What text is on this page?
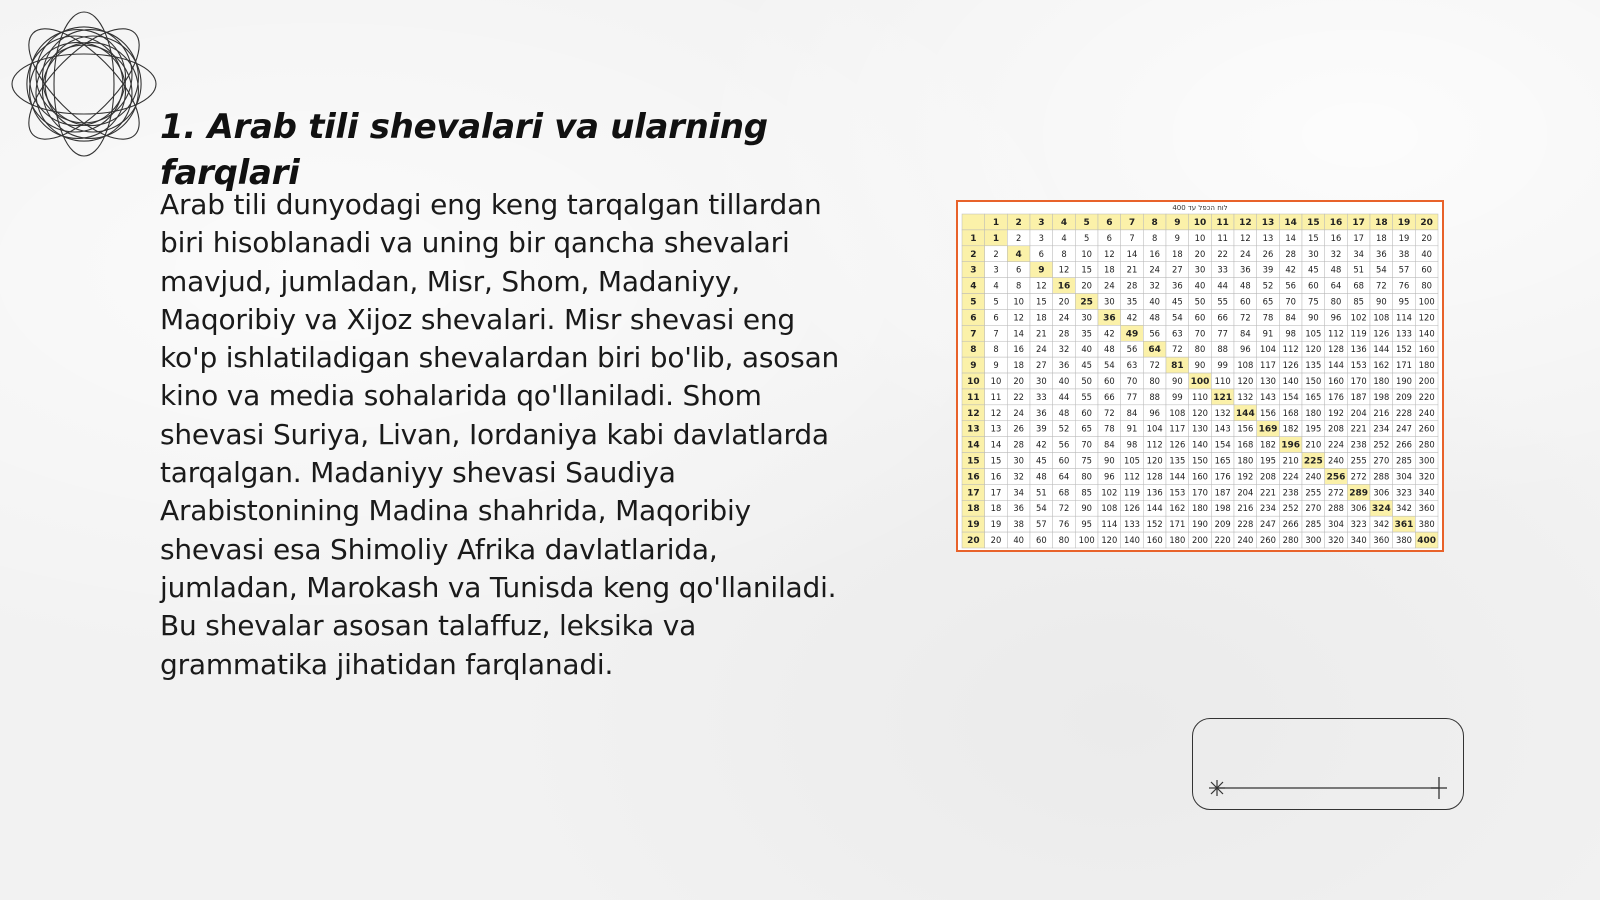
1. Arab tili shevalari va ularning farqlari

Arab tili dunyodagi eng keng tarqalgan tillardan biri hisoblanadi va uning bir qancha shevalari mavjud, jumladan, Misr, Shom, Madaniyy, Maqoribiy va Xijoz shevalari. Misr shevasi eng ko'p ishlatiladigan shevalardan biri bo'lib, asosan kino va media sohalarida qo'llaniladi. Shom shevasi Suriya, Livan, Iordaniya kabi davlatlarda tarqalgan. Madaniyy shevasi Saudiya Arabistonining Madina shahrida, Maqoribiy shevasi esa Shimoliy Afrika davlatlarida, jumladan, Marokash va Tunisda keng qo'llaniladi. Bu shevalar asosan talaffuz, leksika va grammatika jihatidan farqlanadi.

לוח הכפל עד 400
1 2 3 4 5 6 7 8 9 10 11 12 13 14 15 16 17 18 19 20
1 1 2 3 4 5 6 7 8 9 10 11 12 13 14 15 16 17 18 19 20
2 2 4 6 8 10 12 14 16 18 20 22 24 26 28 30 32 34 36 38 40
3 3 6 9 12 15 18 21 24 27 30 33 36 39 42 45 48 51 54 57 60
4 4 8 12 16 20 24 28 32 36 40 44 48 52 56 60 64 68 72 76 80
5 5 10 15 20 25 30 35 40 45 50 55 60 65 70 75 80 85 90 95 100
6 6 12 18 24 30 36 42 48 54 60 66 72 78 84 90 96 102 108 114 120
7 7 14 21 28 35 42 49 56 63 70 77 84 91 98 105 112 119 126 133 140
8 8 16 24 32 40 48 56 64 72 80 88 96 104 112 120 128 136 144 152 160
9 9 18 27 36 45 54 63 72 81 90 99 108 117 126 135 144 153 162 171 180
10 10 20 30 40 50 60 70 80 90 100 110 120 130 140 150 160 170 180 190 200
11 11 22 33 44 55 66 77 88 99 110 121 132 143 154 165 176 187 198 209 220
12 12 24 36 48 60 72 84 96 108 120 132 144 156 168 180 192 204 216 228 240
13 13 26 39 52 65 78 91 104 117 130 143 156 169 182 195 208 221 234 247 260
14 14 28 42 56 70 84 98 112 126 140 154 168 182 196 210 224 238 252 266 280
15 15 30 45 60 75 90 105 120 135 150 165 180 195 210 225 240 255 270 285 300
16 16 32 48 64 80 96 112 128 144 160 176 192 208 224 240 256 272 288 304 320
17 17 34 51 68 85 102 119 136 153 170 187 204 221 238 255 272 289 306 323 340
18 18 36 54 72 90 108 126 144 162 180 198 216 234 252 270 288 306 324 342 360
19 19 38 57 76 95 114 133 152 171 190 209 228 247 266 285 304 323 342 361 380
20 20 40 60 80 100 120 140 160 180 200 220 240 260 280 300 320 340 360 380 400
